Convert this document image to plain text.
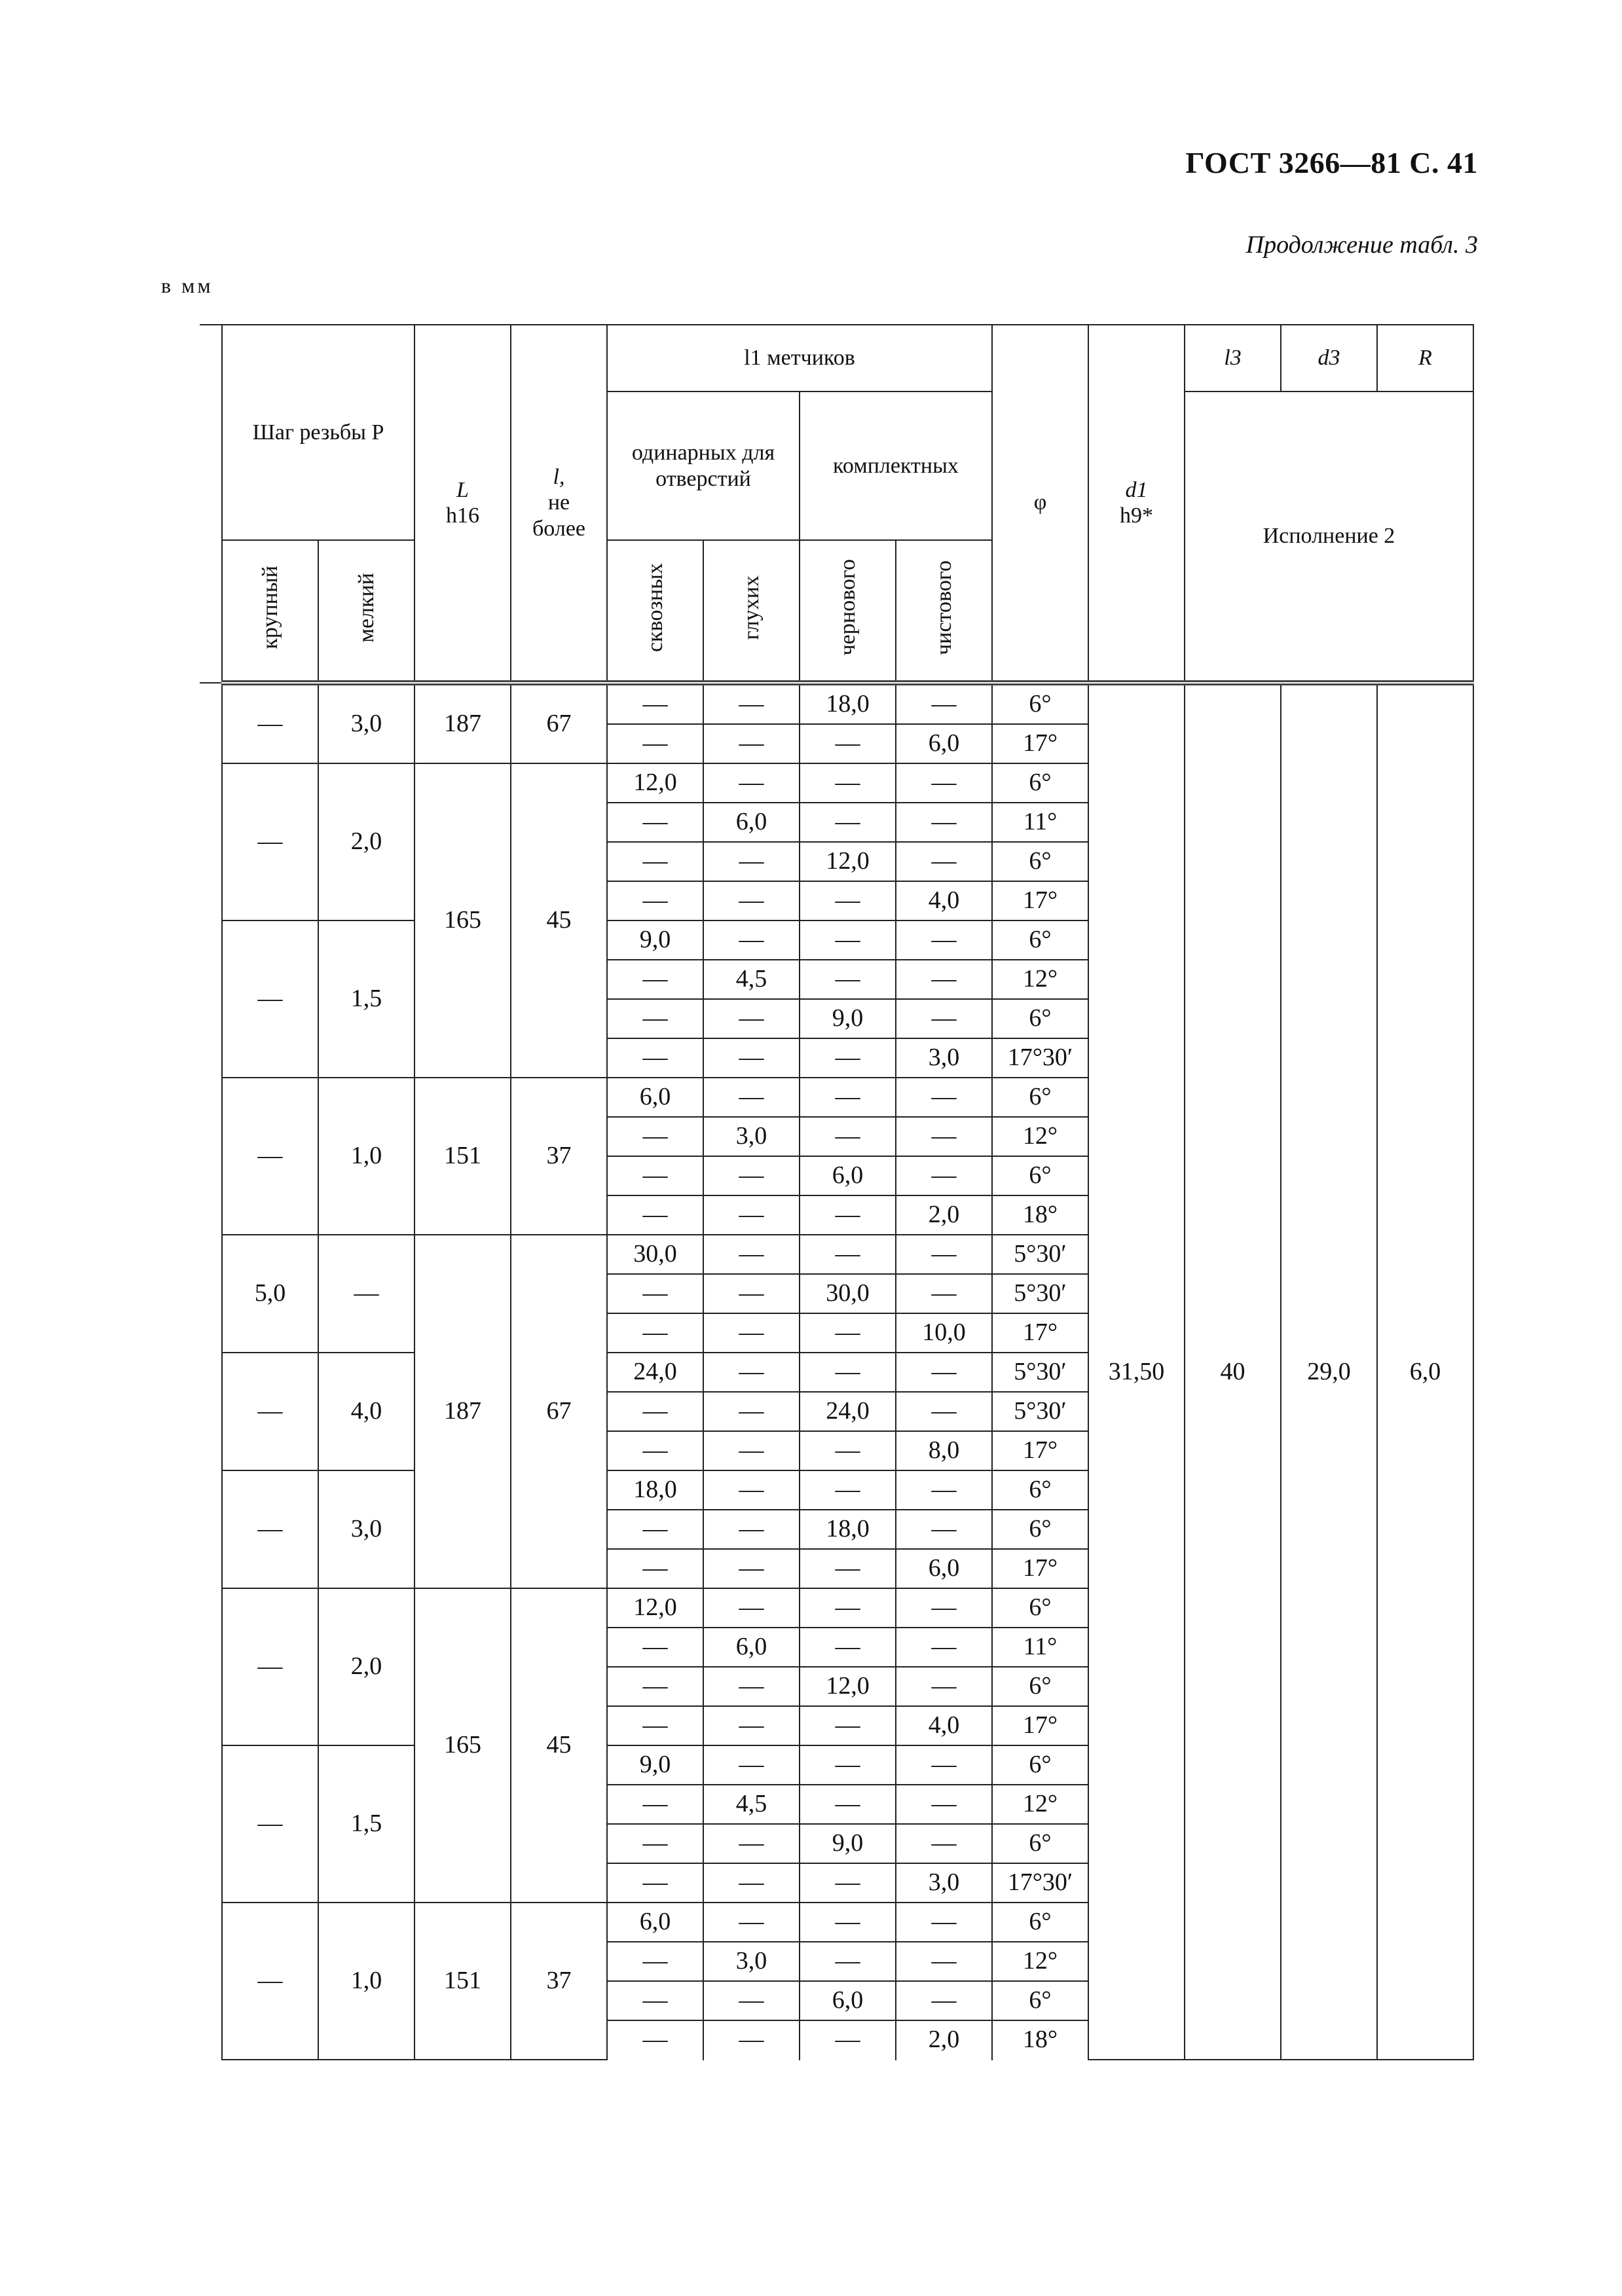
ГОСТ 3266—81 С. 41
Продолжение табл. 3
в мм
	Шаг резьбы P		L
h16	l,
не
более	l1 метчиков				φ	d1
h9*	l3	d3	R
					одинарных для отверстий		комплектных				Исполнение 2		
	крупный	мелкий			сквозных	глухих	чернового	чистового					
	—	3,0	187	67	—	—	18,0	—	6°	31,50	40	29,0	6,0
					—	—	—	6,0	17°				
	—	2,0	165	45	12,0	—	—	—	6°				
					—	6,0	—	—	11°				
					—	—	12,0	—	6°				
					—	—	—	4,0	17°				
	—	1,5			9,0	—	—	—	6°				
					—	4,5	—	—	12°				
					—	—	9,0	—	6°				
					—	—	—	3,0	17°30′				
	—	1,0	151	37	6,0	—	—	—	6°				
					—	3,0	—	—	12°				
					—	—	6,0	—	6°				
					—	—	—	2,0	18°				
	5,0	—	187	67	30,0	—	—	—	5°30′				
					—	—	30,0	—	5°30′				
					—	—	—	10,0	17°				
	—	4,0			24,0	—	—	—	5°30′				
					—	—	24,0	—	5°30′				
					—	—	—	8,0	17°				
	—	3,0			18,0	—	—	—	6°				
					—	—	18,0	—	6°				
					—	—	—	6,0	17°				
	—	2,0	165	45	12,0	—	—	—	6°				
					—	6,0	—	—	11°				
					—	—	12,0	—	6°				
					—	—	—	4,0	17°				
	—	1,5			9,0	—	—	—	6°				
					—	4,5	—	—	12°				
					—	—	9,0	—	6°				
					—	—	—	3,0	17°30′				
	—	1,0	151	37	6,0	—	—	—	6°				
					—	3,0	—	—	12°				
					—	—	6,0	—	6°				
					—	—	—	2,0	18°				
